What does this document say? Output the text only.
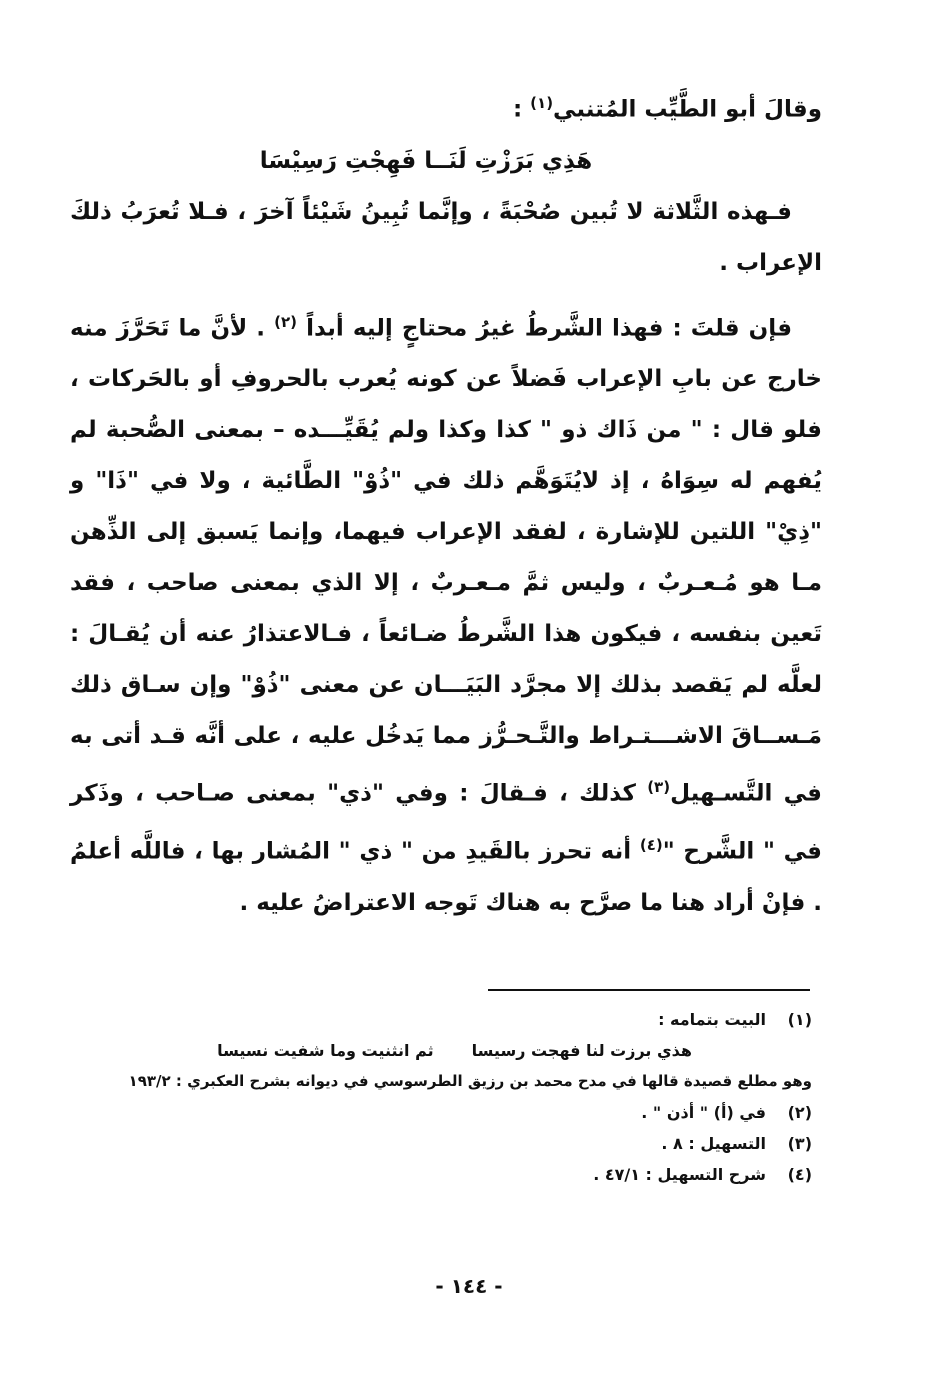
وقالَ أبو الطَّيِّب المُتنبي$^{(١)}$ :

هَذِي بَرَزْتِ لَنَــا فَهِجْتِ رَسِيْسَا

فـهذه الثَّلاثة لا تُبين صُحْبَةً ، وإنَّما تُبِينُ شَيْئاً آخرَ ، فـلا تُعرَبُ ذلكَ الإعراب .

فإن قلتَ : فهذا الشَّرطُ غيرُ محتاجٍ إليه أبداً $^{(٢)}$ . لأنَّ ما تَحَرَّزَ منه خارج عن بابِ الإعراب فَضلاً عن كونه يُعرب بالحروفِ أو بالحَركات ، فلو قال : " من ذَاك ذو " كذا وكذا ولم يُقَيِّـــده – بمعنى الصُّحبة لم يُفهم له سِوَاهُ ، إذ لايُتَوَهَّم ذلك في "ذُوْ" الطَّائية ، ولا في "ذَا" و "ذِيْ" اللتين للإشارة ، لفقد الإعراب فيهما، وإنما يَسبق إلى الذِّهن مـا هو مُـعـربٌ ، وليس ثمَّ مـعـربٌ ، إلا الذي بمعنى صاحب ، فقد تَعين بنفسه ، فيكون هذا الشَّرطُ ضـائعاً ، فـالاعتذارُ عنه أن يُقـالَ : لعلَّه لم يَقصد بذلك إلا مجرَّد البَيَـــان عن معنى "ذُوْ" وإن سـاق ذلك مَـســاقَ الاشـــتـراط والتَّـحـرُّز مما يَدخُل عليه ، على أنَّه قـد أتى به في التَّسـهيل$^{(٣)}$ كذلك ، فـقالَ : وفي "ذي" بمعنى صـاحب ، وذَكر في " الشَّرح "$^{(٤)}$ أنه تحرز بالقَيدِ من " ذي " المُشار بها ، فاللَّه أعلمُ . فإنْ أراد هنا ما صرَّح به هناك تَوجه الاعتراضُ عليه .

(١)
البيت بتمامه :
هذي برزت لنا فهجت رسيسا
ثم انثنيت وما شفيت نسيسا
وهو مطلع قصيدة قالها في مدح محمد بن رزيق الطرسوسي في ديوانه بشرح العكبري : ١٩٣/٢
(٢)
في (أ) " أذن " .
(٣)
التسهيل : ٨ .
(٤)
شرح التسهيل : ٤٧/١ .
- ١٤٤ -
